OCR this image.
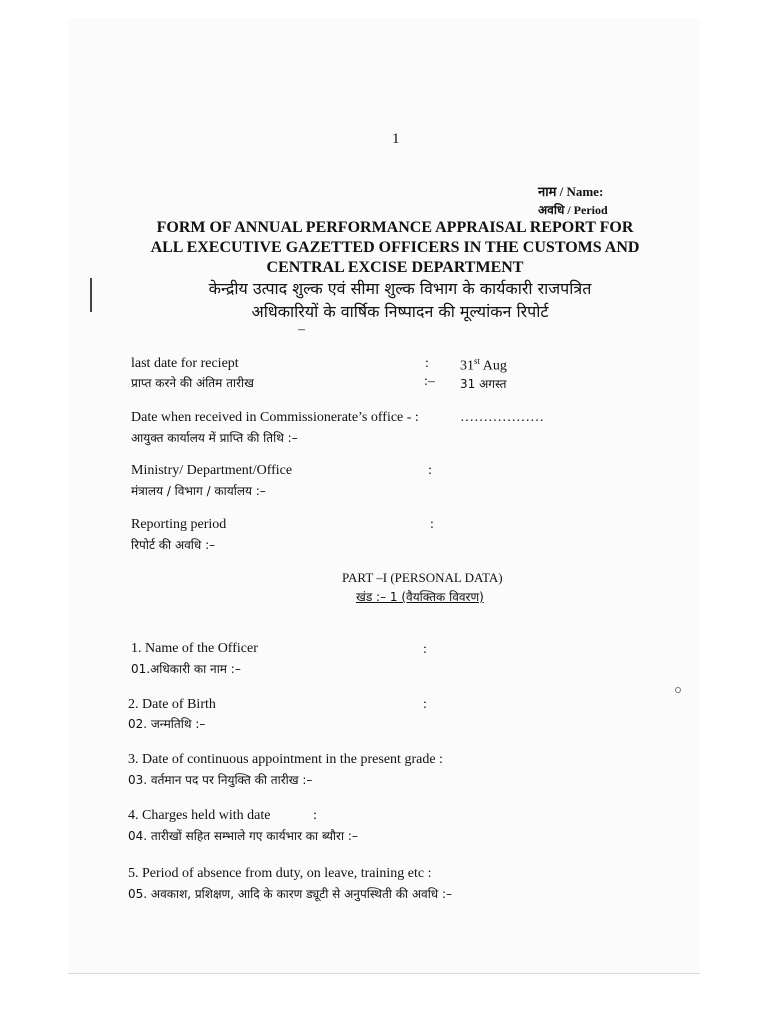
1
नाम / Name:
अवधि / Period
FORM OF ANNUAL PERFORMANCE APPRAISAL REPORT FOR
ALL EXECUTIVE GAZETTED OFFICERS IN THE CUSTOMS AND
CENTRAL EXCISE DEPARTMENT
केन्द्रीय उत्पाद शुल्क एवं सीमा शुल्क विभाग के कार्यकारी राजपत्रित
अधिकारियों के वार्षिक निष्पादन की मूल्यांकन रिपोर्ट
–
last date for reciept
प्राप्त करने की अंतिम तारीख
:
:–
31st Aug
31 अगस्त
Date when received in Commissionerate’s office - :
आयुक्त कार्यालय में प्राप्ति की तिथि :–
………………
Ministry/ Department/Office
मंत्रालय / विभाग / कार्यालय :–
:
Reporting period
रिपोर्ट की अवधि :–
:
PART –I (PERSONAL DATA)
खंड :– 1 (वैयक्तिक विवरण)
1. Name of the Officer
01.अधिकारी का नाम :–
:
2. Date of Birth
02. जन्मतिथि :–
:
3. Date of continuous appointment in the present grade :
03. वर्तमान पद पर नियुक्ति की तारीख :–
4. Charges held with date	:
04. तारीखों सहित सम्भाले गए कार्यभार का ब्यौरा :–
5. Period of absence from duty, on leave, training etc :
05. अवकाश, प्रशिक्षण, आदि के कारण ड्यूटी से अनुपस्थिती की अवधि :–
